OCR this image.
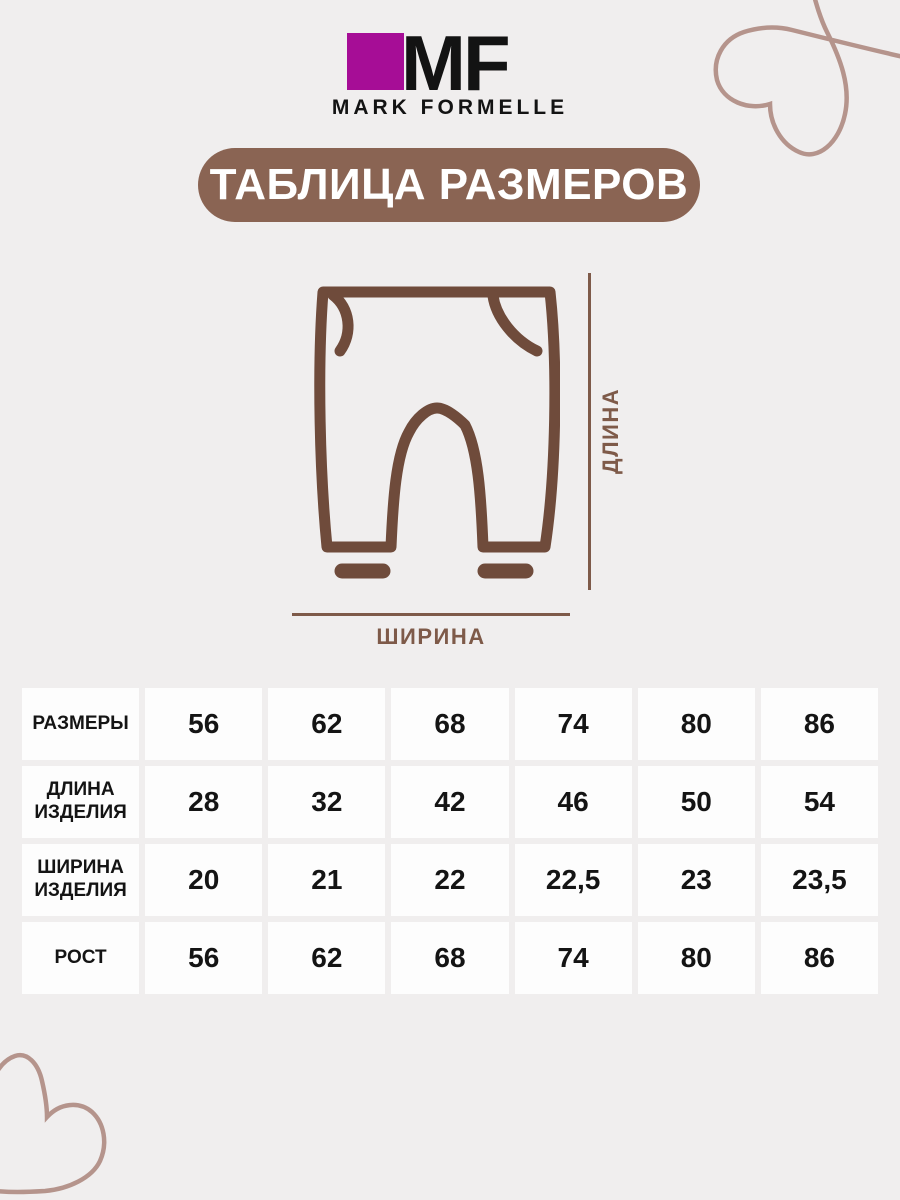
MF
MARK FORMELLE
ТАБЛИЦА РАЗМЕРОВ
ДЛИНА
ШИРИНА
РАЗМЕРЫ	56	62	68	74	80	86
ДЛИНА ИЗДЕЛИЯ	28	32	42	46	50	54
ШИРИНА ИЗДЕЛИЯ	20	21	22	22,5	23	23,5
РОСТ	56	62	68	74	80	86
